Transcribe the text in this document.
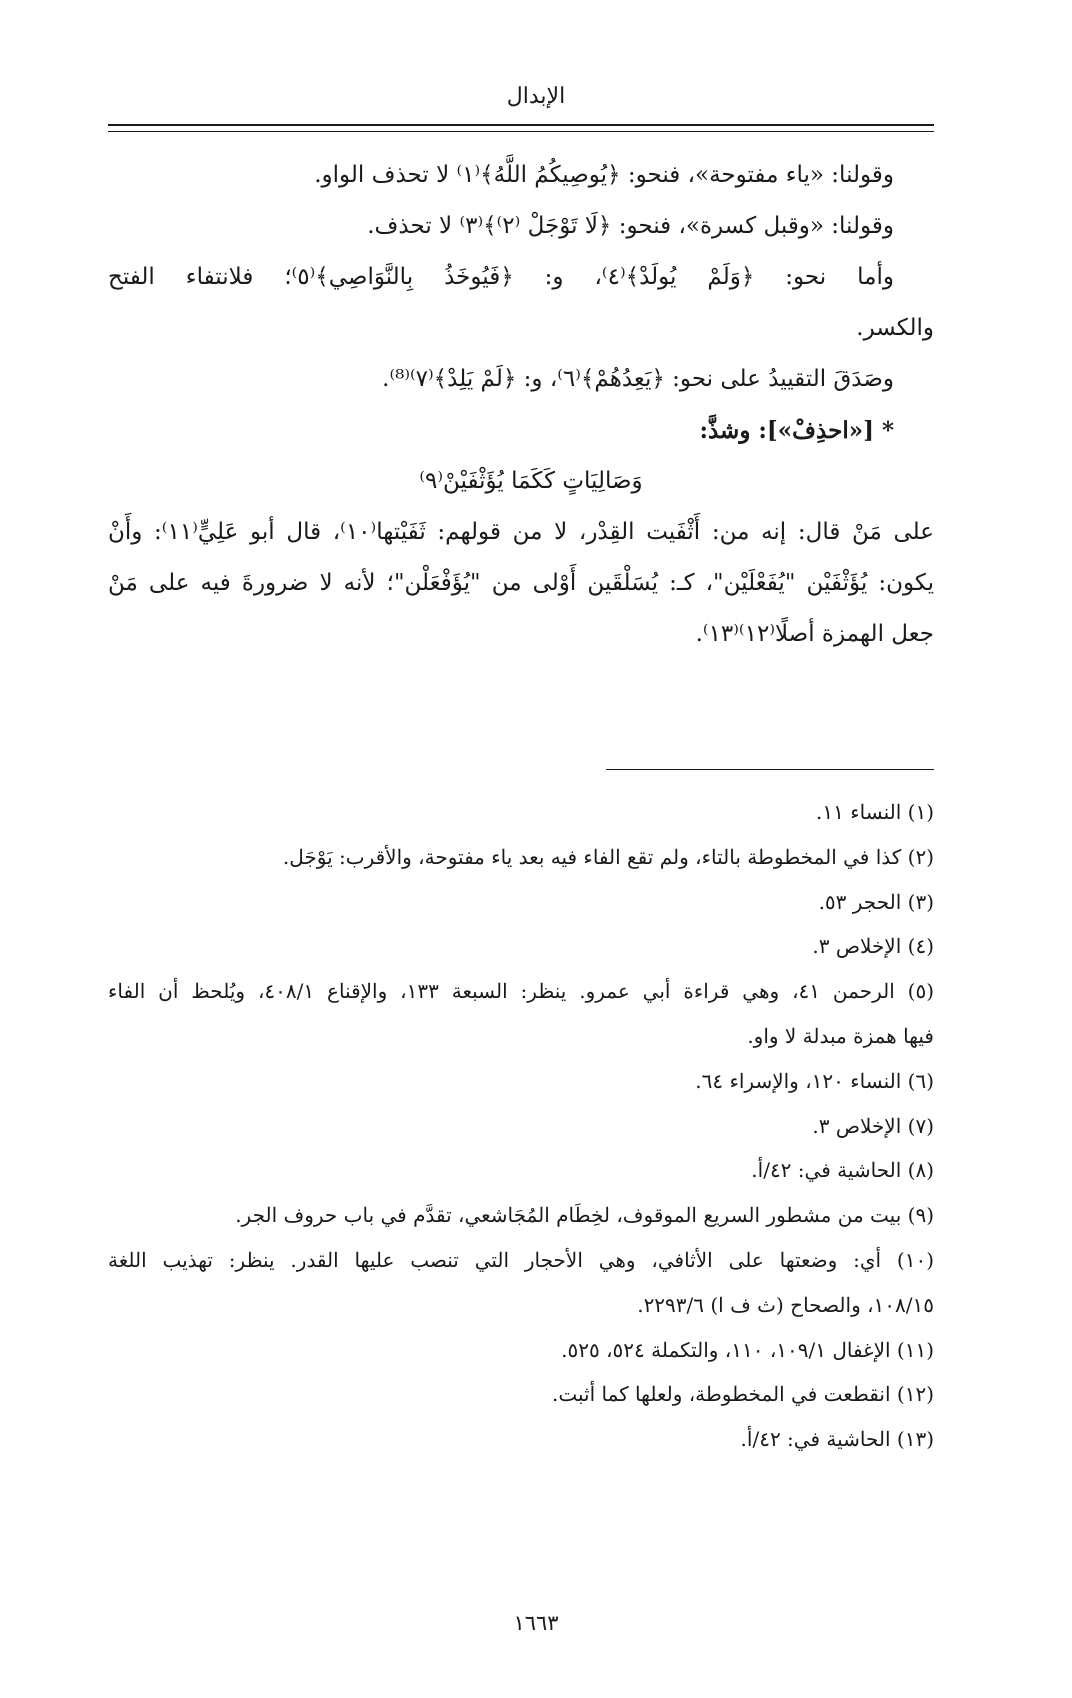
الإبدال
وقولنا: «ياء مفتوحة»، فنحو: ﴿يُوصِيكُمُ اللَّهُ﴾⁽١⁾ لا تحذف الواو.
وقولنا: «وقبل كسرة»، فنحو: ﴿لَا تَوْجَلْ ⁽٢⁾﴾⁽٣⁾ لا تحذف.
وأما نحو: ﴿وَلَمْ يُولَدْ﴾⁽٤⁾، و: ﴿فَيُوخَذُ بِالنَّوَاصِي﴾⁽٥⁾؛ فلانتفاء الفتح
والكسر.
وصَدَقَ التقييدُ على نحو: ﴿يَعِدُهُمْ﴾⁽٦⁾، و: ﴿لَمْ يَلِدْ﴾⁽٧⁾⁽⁸⁾.
* [«احذِفْ»]: وشذَّ:
وَصَالِيَاتٍ كَكَمَا يُؤَثْفَيْنْ⁽٩⁾
على مَنْ قال: إنه من: أَثْفَيت القِدْر، لا من قولهم: ثَفَيْتها⁽١٠⁾، قال أبو عَلِيٍّ⁽١١⁾: وأَنْ
يكون: يُؤَثْفَيْن "يُفَعْلَيْن"، كـ: يُسَلْقَين أَوْلى من "يُؤَفْعَلْن"؛ لأنه لا ضرورةَ فيه على مَنْ
جعل الهمزة أصلًا⁽١٢⁾⁽١٣⁾.
(١) النساء ١١.
(٢) كذا في المخطوطة بالتاء، ولم تقع الفاء فيه بعد ياء مفتوحة، والأقرب: يَوْجَل.
(٣) الحجر ٥٣.
(٤) الإخلاص ٣.
(٥) الرحمن ٤١، وهي قراءة أبي عمرو. ينظر: السبعة ١٣٣، والإقناع ٤٠٨/١، ويُلحظ أن الفاء
فيها همزة مبدلة لا واو.
(٦) النساء ١٢٠، والإسراء ٦٤.
(٧) الإخلاص ٣.
(٨) الحاشية في: ٤٢/أ.
(٩) بيت من مشطور السريع الموقوف، لخِطَام المُجَاشعي، تقدَّم في باب حروف الجر.
(١٠) أي: وضعتها على الأثافي، وهي الأحجار التي تنصب عليها القدر. ينظر: تهذيب اللغة
١٠٨/١٥، والصحاح (ث ف ا) ٢٢٩٣/٦.
(١١) الإغفال ١٠٩/١، ١١٠، والتكملة ٥٢٤، ٥٢٥.
(١٢) انقطعت في المخطوطة، ولعلها كما أثبت.
(١٣) الحاشية في: ٤٢/أ.
١٦٦٣
